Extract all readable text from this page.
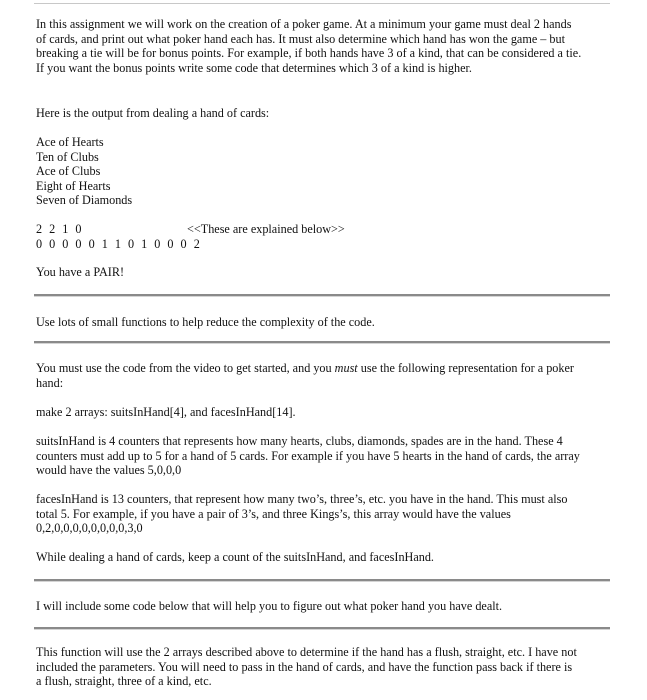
In this assignment we will work on the creation of a poker game. At a minimum your game must deal 2 hands
of cards, and print out what poker hand each has. It must also determine which hand has won the game – but
breaking a tie will be for bonus points. For example, if both hands have 3 of a kind, that can be considered a tie.
If you want the bonus points write some code that determines which 3 of a kind is higher.
Here is the output from dealing a hand of cards:
Ace of Hearts
Ten of Clubs
Ace of Clubs
Eight of Hearts
Seven of Diamonds
2 2 1 0
0 0 0 0 0 1 1 0 1 0 0 0 2
<<These are explained below>>
You have a PAIR!
Use lots of small functions to help reduce the complexity of the code.
You must use the code from the video to get started, and you must use the following representation for a poker
hand:
make 2 arrays: suitsInHand[4], and facesInHand[14].
suitsInHand is 4 counters that represents how many hearts, clubs, diamonds, spades are in the hand. These 4
counters must add up to 5 for a hand of 5 cards. For example if you have 5 hearts in the hand of cards, the array
would have the values 5,0,0,0
facesInHand is 13 counters, that represent how many two’s, three’s, etc. you have in the hand. This must also
total 5. For example, if you have a pair of 3’s, and three Kings’s, this array would have the values
0,2,0,0,0,0,0,0,0,0,3,0
While dealing a hand of cards, keep a count of the suitsInHand, and facesInHand.
I will include some code below that will help you to figure out what poker hand you have dealt.
This function will use the 2 arrays described above to determine if the hand has a flush, straight, etc. I have not
included the parameters. You will need to pass in the hand of cards, and have the function pass back if there is
a flush, straight, three of a kind, etc.
